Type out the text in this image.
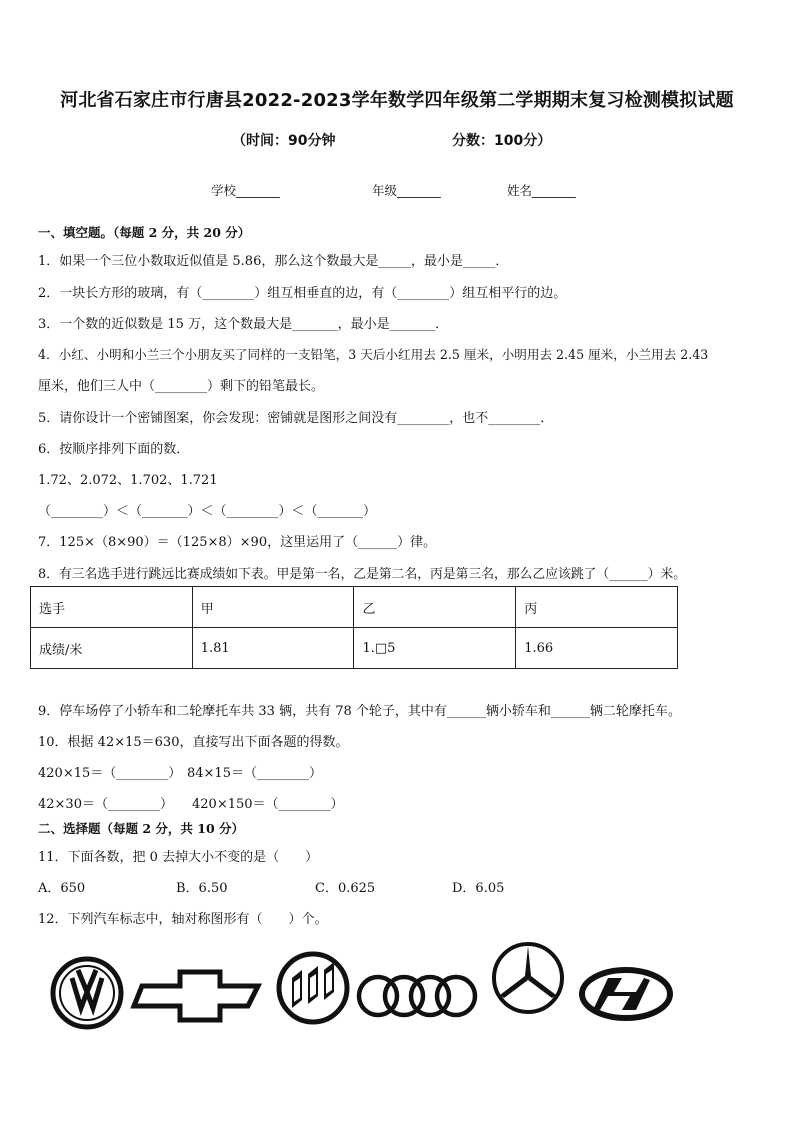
河北省石家庄市行唐县2022-2023学年数学四年级第二学期期末复习检测模拟试题
（时间：90分钟	分数：100分）
学校_______	年级_______	姓名_______
一、填空题。（每题 2 分，共 20 分）
1．如果一个三位小数取近似值是 5.86，那么这个数最大是_____，最小是_____．
2．一块长方形的玻璃，有（________）组互相垂直的边，有（________）组互相平行的边。
3．一个数的近似数是 15 万，这个数最大是_______，最小是_______．
4．小红、小明和小兰三个小朋友买了同样的一支铅笔，3 天后小红用去 2.5 厘米，小明用去 2.45 厘米，小兰用去 2.43
厘米，他们三人中（________）剩下的铅笔最长。
5．请你设计一个密铺图案，你会发现：密铺就是图形之间没有________，也不________．
6．按顺序排列下面的数．
1.72、2.072、1.702、1.721
（________）＜（_______）＜（________）＜（_______）
7．125×（8×90）＝（125×8）×90，这里运用了（______）律。
8．有三名选手进行跳远比赛成绩如下表。甲是第一名，乙是第二名，丙是第三名，那么乙应该跳了（______）米。
选手	甲	乙	丙
成绩/米	1.81	1.□5	1.66
9．停车场停了小轿车和二轮摩托车共 33 辆，共有 78 个轮子，其中有______辆小轿车和______辆二轮摩托车。
10．根据 42×15＝630，直接写出下面各题的得数。
420×15＝（________） 84×15＝（________）
42×30＝（________） 420×150＝（________）
二、选择题（每题 2 分，共 10 分）
11．下面各数，把 0 去掉大小不变的是（　　）
A．650	B．6.50	C．0.625	D．6.05
12．下列汽车标志中，轴对称图形有（　　）个。
